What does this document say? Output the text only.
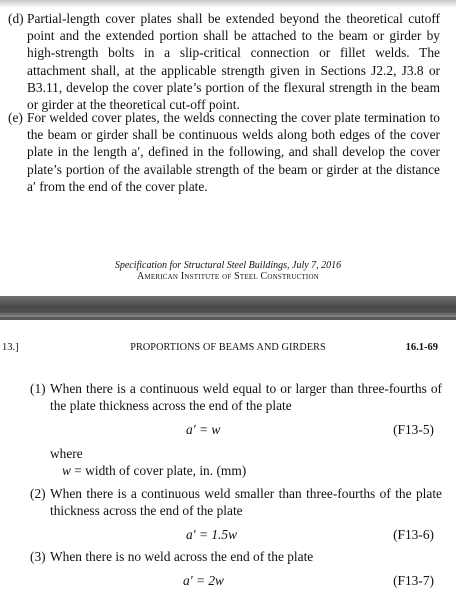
(d) Partial-length cover plates shall be extended beyond the theoretical cutoff point and the extended portion shall be attached to the beam or girder by high-strength bolts in a slip-critical connection or fillet welds. The attachment shall, at the applicable strength given in Sections J2.2, J3.8 or B3.11, develop the cover plate’s portion of the flexural strength in the beam or girder at the theoretical cut-off point.
(e) For welded cover plates, the welds connecting the cover plate termination to the beam or girder shall be continuous welds along both edges of the cover plate in the length a′, defined in the following, and shall develop the cover plate’s portion of the available strength of the beam or girder at the distance a′ from the end of the cover plate.
Specification for Structural Steel Buildings, July 7, 2016
American Institute of Steel Construction
13.]	PROPORTIONS OF BEAMS AND GIRDERS	16.1-69
(1) When there is a continuous weld equal to or larger than three-fourths of the plate thickness across the end of the plate
a′ = w	(F13-5)
where
w = width of cover plate, in. (mm)
(2) When there is a continuous weld smaller than three-fourths of the plate thickness across the end of the plate
a′ = 1.5w	(F13-6)
(3) When there is no weld across the end of the plate
a′ = 2w	(F13-7)
